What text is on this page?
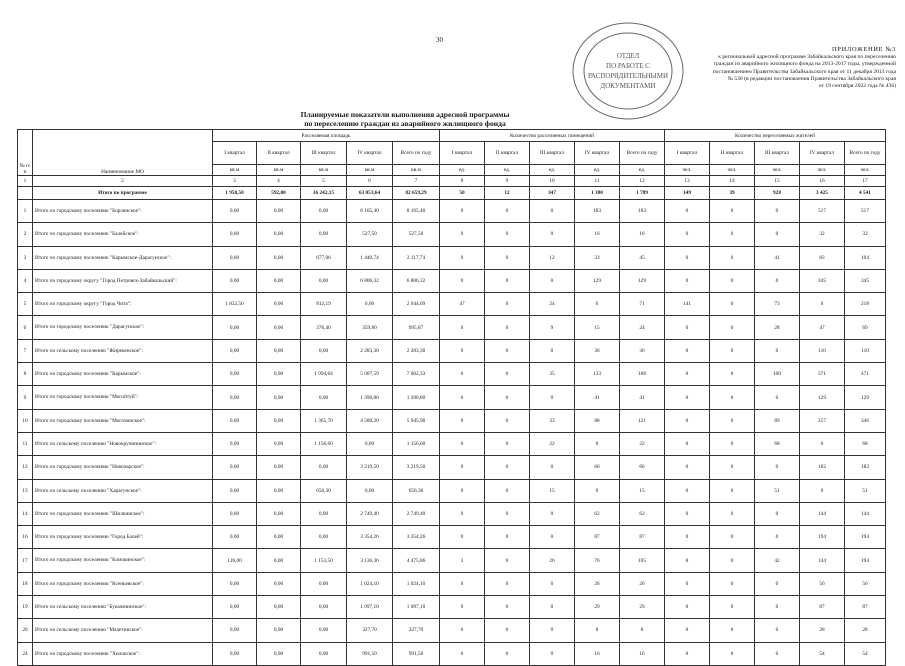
30
ОТДЕЛ
ПО РАБОТЕ С
РАСПОРЯДИТЕЛЬНЫМИ
ДОКУМЕНТАМИ
ПРИЛОЖЕНИЕ №3
к региональной адресной программе Забайкальского края по переселению
граждан из аварийного жилищного фонда на 2013-2017 годы, утвержденной
постановлением Правительства Забайкальского края от 11 декабря 2013 года
№ 530 (в редакции постановления Правительства Забайкальского края
от 19 сентября 2022 года № 436)
Планируемые показатели выполнения адресной программы
по переселению граждан из аварийного жилищного фонда
№ п/п	Наименование МО	Расселяемая площадь					Количество расселяемых помещений					Количество переселяемых жителей				
		I квартал	II квартал	III квартал	IV квартал	Всего по году	I квартал	II квартал	III квартал	IV квартал	Всего по году	I квартал	II квартал	III квартал	IV квартал	Всего по году
		кв.м	кв.м	кв.м	кв.м	кв.м	ед.	ед.	ед.	ед.	ед.	чел.	чел.	чел.	чел.	чел.
1	2	3	4	5	6	7	8	9	10	11	12	13	14	15	16	17
	Итого по программе	1 958,50	592,00	16 242,15	63 053,64	82 659,29	50	12	347	1 380	1 789	149	39	928	3 425	4 541
1	Итого по городскому поселению "Борзинское":	0,00	0,00	0,00	8 165,40	8 165,40	0	0	0	183	183	0	0	0	517	517
2	Итого по городскому поселению "Балейское":	0,00	0,00	0,00	527,50	527,50	0	0	0	16	16	0	0	0	32	32
3	Итого по городскому поселению "Карымское-Дарасунское":	0,00	0,00	677,06	1 440,74	2 117,74	0	0	12	33	45	0	0	41	83	104
4	Итого по городскому округу "Город Петровск-Забайкальский":	0,00	0,00	0,00	6 806,32	6 806,32	0	0	0	129	129	0	0	0	345	345
5	Итого по городскому округу "Город Чита":	1 832,50	0,00	812,19	0,00	2 644,69	47	0	24	0	71	141	0	73	0	218
6	Итого по городскому поселению "Дарасунское":	0,00	0,00	376,40	359,80	995,87	0	0	9	15	24	0	0	28	47	69
7	Итого по сельскому поселению "Жирекенское":	0,00	0,00	0,00	2 283,30	2 283,30	0	0	0	36	36	0	0	0	110	110
8	Итого по городскому поселению "Карымское":	0,00	0,00	1 994,64	5 007,59	7 002,33	0	0	35	133	168	0	0	100	371	471
9	Итого по городскому поселению "Могойтуй":	0,00	0,00	0,00	1 390,80	1 390,80	0	0	0	41	41	0	0	0	129	129
10	Итого по городскому поселению "Могочинское":	0,00	0,00	1 365,70	4 580,20	5 945,90	0	0	33	88	121	0	0	89	257	346
11	Итого по сельскому поселению "Новокручининское":	0,00	0,00	1 156,60	0,00	1 156,60	0	0	22	0	22	0	0	68	0	68
12	Итого по городскому поселению "Новочарское":	0,00	0,00	0,00	3 219,50	3 219,50	0	0	0	66	66	0	0	0	182	182
13	Итого по сельскому поселению "Харагунское":	0,00	0,00	656,30	0,00	656,30	0	0	15	0	15	0	0	51	0	51
14	Итого по городскому поселению "Шилкинское":	0,00	0,00	0,00	2 749,40	2 749,40	0	0	0	62	62	0	0	0	144	144
16	Итого по городскому поселению "Город Балей":	0,00	0,00	0,00	3 354,26	3 354,26	0	0	0	87	87	0	0	0	194	194
17	Итого по городскому поселению "Кличкинское":	126,00	0,00	1 153,50	3 136,36	4 475,86	3	6	26	76	105	8	0	42	144	194
18	Итого по городскому поселению "Ксеньевское":	0,00	0,00	0,00	1 024,10	1 024,10	0	0	0	26	26	0	0	0	56	56
19	Итого по сельскому поселению "Букачачинское":	0,00	0,00	0,00	1 097,10	1 097,10	0	0	0	29	29	0	0	0	87	87
20	Итого по сельскому поселению "Малетинское":	0,00	0,00	0,00	327,70	327,70	0	0	0	8	8	0	0	0	28	28
24	Итого по городскому поселению "Хилокское":	0,00	0,00	0,00	991,50	991,50	0	0	0	16	16	0	0	0	54	54
